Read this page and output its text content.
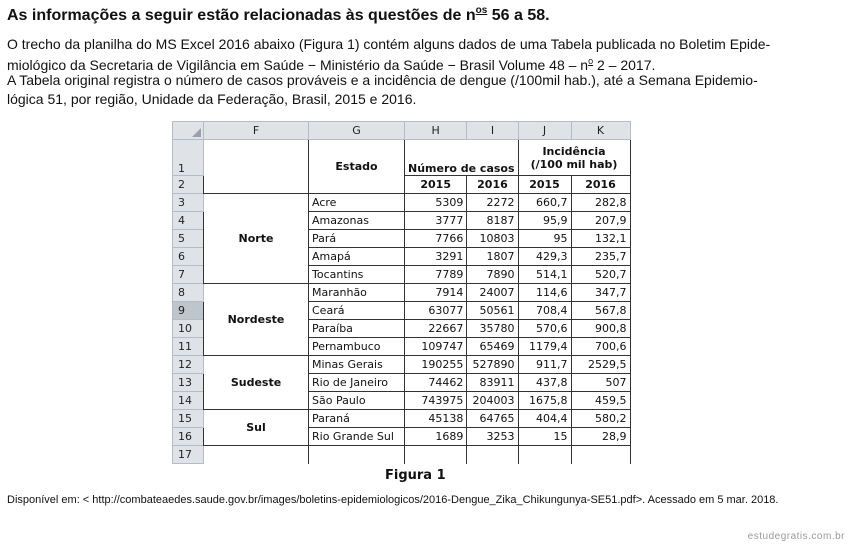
As informações a seguir estão relacionadas às questões de $n^{os}$ 56 a 58.
O trecho da planilha do MS Excel 2016 abaixo (Figura 1) contém alguns dados de uma Tabela publicada no Boletim Epide-
miológico da Secretaria de Vigilância em Saúde − Ministério da Saúde − Brasil Volume $48 - n^o$ 2 – 2017.
A Tabela original registra o número de casos prováveis e a incidência de dengue (/100mil hab.), até a Semana Epidemio-
lógica 51, por região, Unidade da Federação, Brasil, 2015 e 2016.
	F	G	H	I	J	K
1		Estado	Número de casos		Incidência
(/100 mil hab)	

2			2015	2016	2015	2016
3	Norte	Acre	5309	2272	660,7	282,8
4		Amazonas	3777	8187	95,9	207,9
5		Pará	7766	10803	95	132,1
6		Amapá	3291	1807	429,3	235,7
7		Tocantins	7789	7890	514,1	520,7
8	Nordeste	Maranhão	7914	24007	114,6	347,7
9		Ceará	63077	50561	708,4	567,8
10		Paraíba	22667	35780	570,6	900,8
11		Pernambuco	109747	65469	1179,4	700,6
12	Sudeste	Minas Gerais	190255	527890	911,7	2529,5
13		Rio de Janeiro	74462	83911	437,8	507
14		São Paulo	743975	204003	1675,8	459,5
15	Sul	Paraná	45138	64765	404,4	580,2
16		Rio Grande Sul	1689	3253	15	28,9
17						
Figura 1
Disponível em: < http://combateaedes.saude.gov.br/images/boletins-epidemiologicos/2016-Dengue_Zika_Chikungunya-SE51.pdf>. Acessado em 5 mar. 2018.
estudegratis.com.br
